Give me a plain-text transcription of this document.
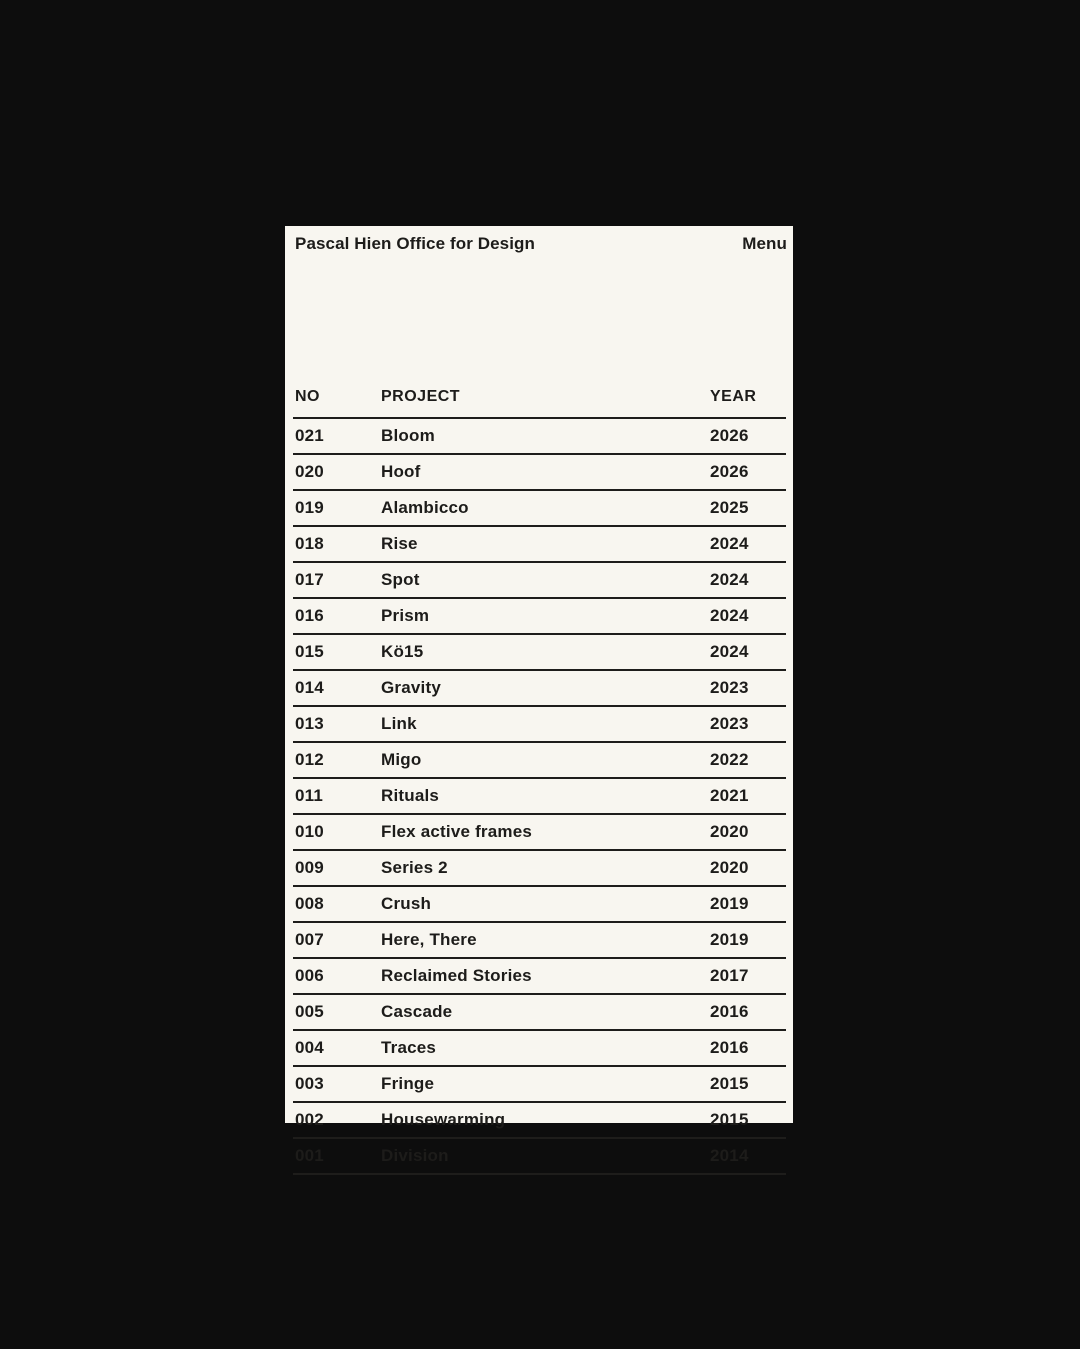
Pascal Hien Office for Design	Menu
NO	PROJECT	YEAR
021	Bloom	2026
020	Hoof	2026
019	Alambicco	2025
018	Rise	2024
017	Spot	2024
016	Prism	2024
015	Kö15	2024
014	Gravity	2023
013	Link	2023
012	Migo	2022
011	Rituals	2021
010	Flex active frames	2020
009	Series 2	2020
008	Crush	2019
007	Here, There	2019
006	Reclaimed Stories	2017
005	Cascade	2016
004	Traces	2016
003	Fringe	2015
002	Housewarming	2015
001	Division	2014
